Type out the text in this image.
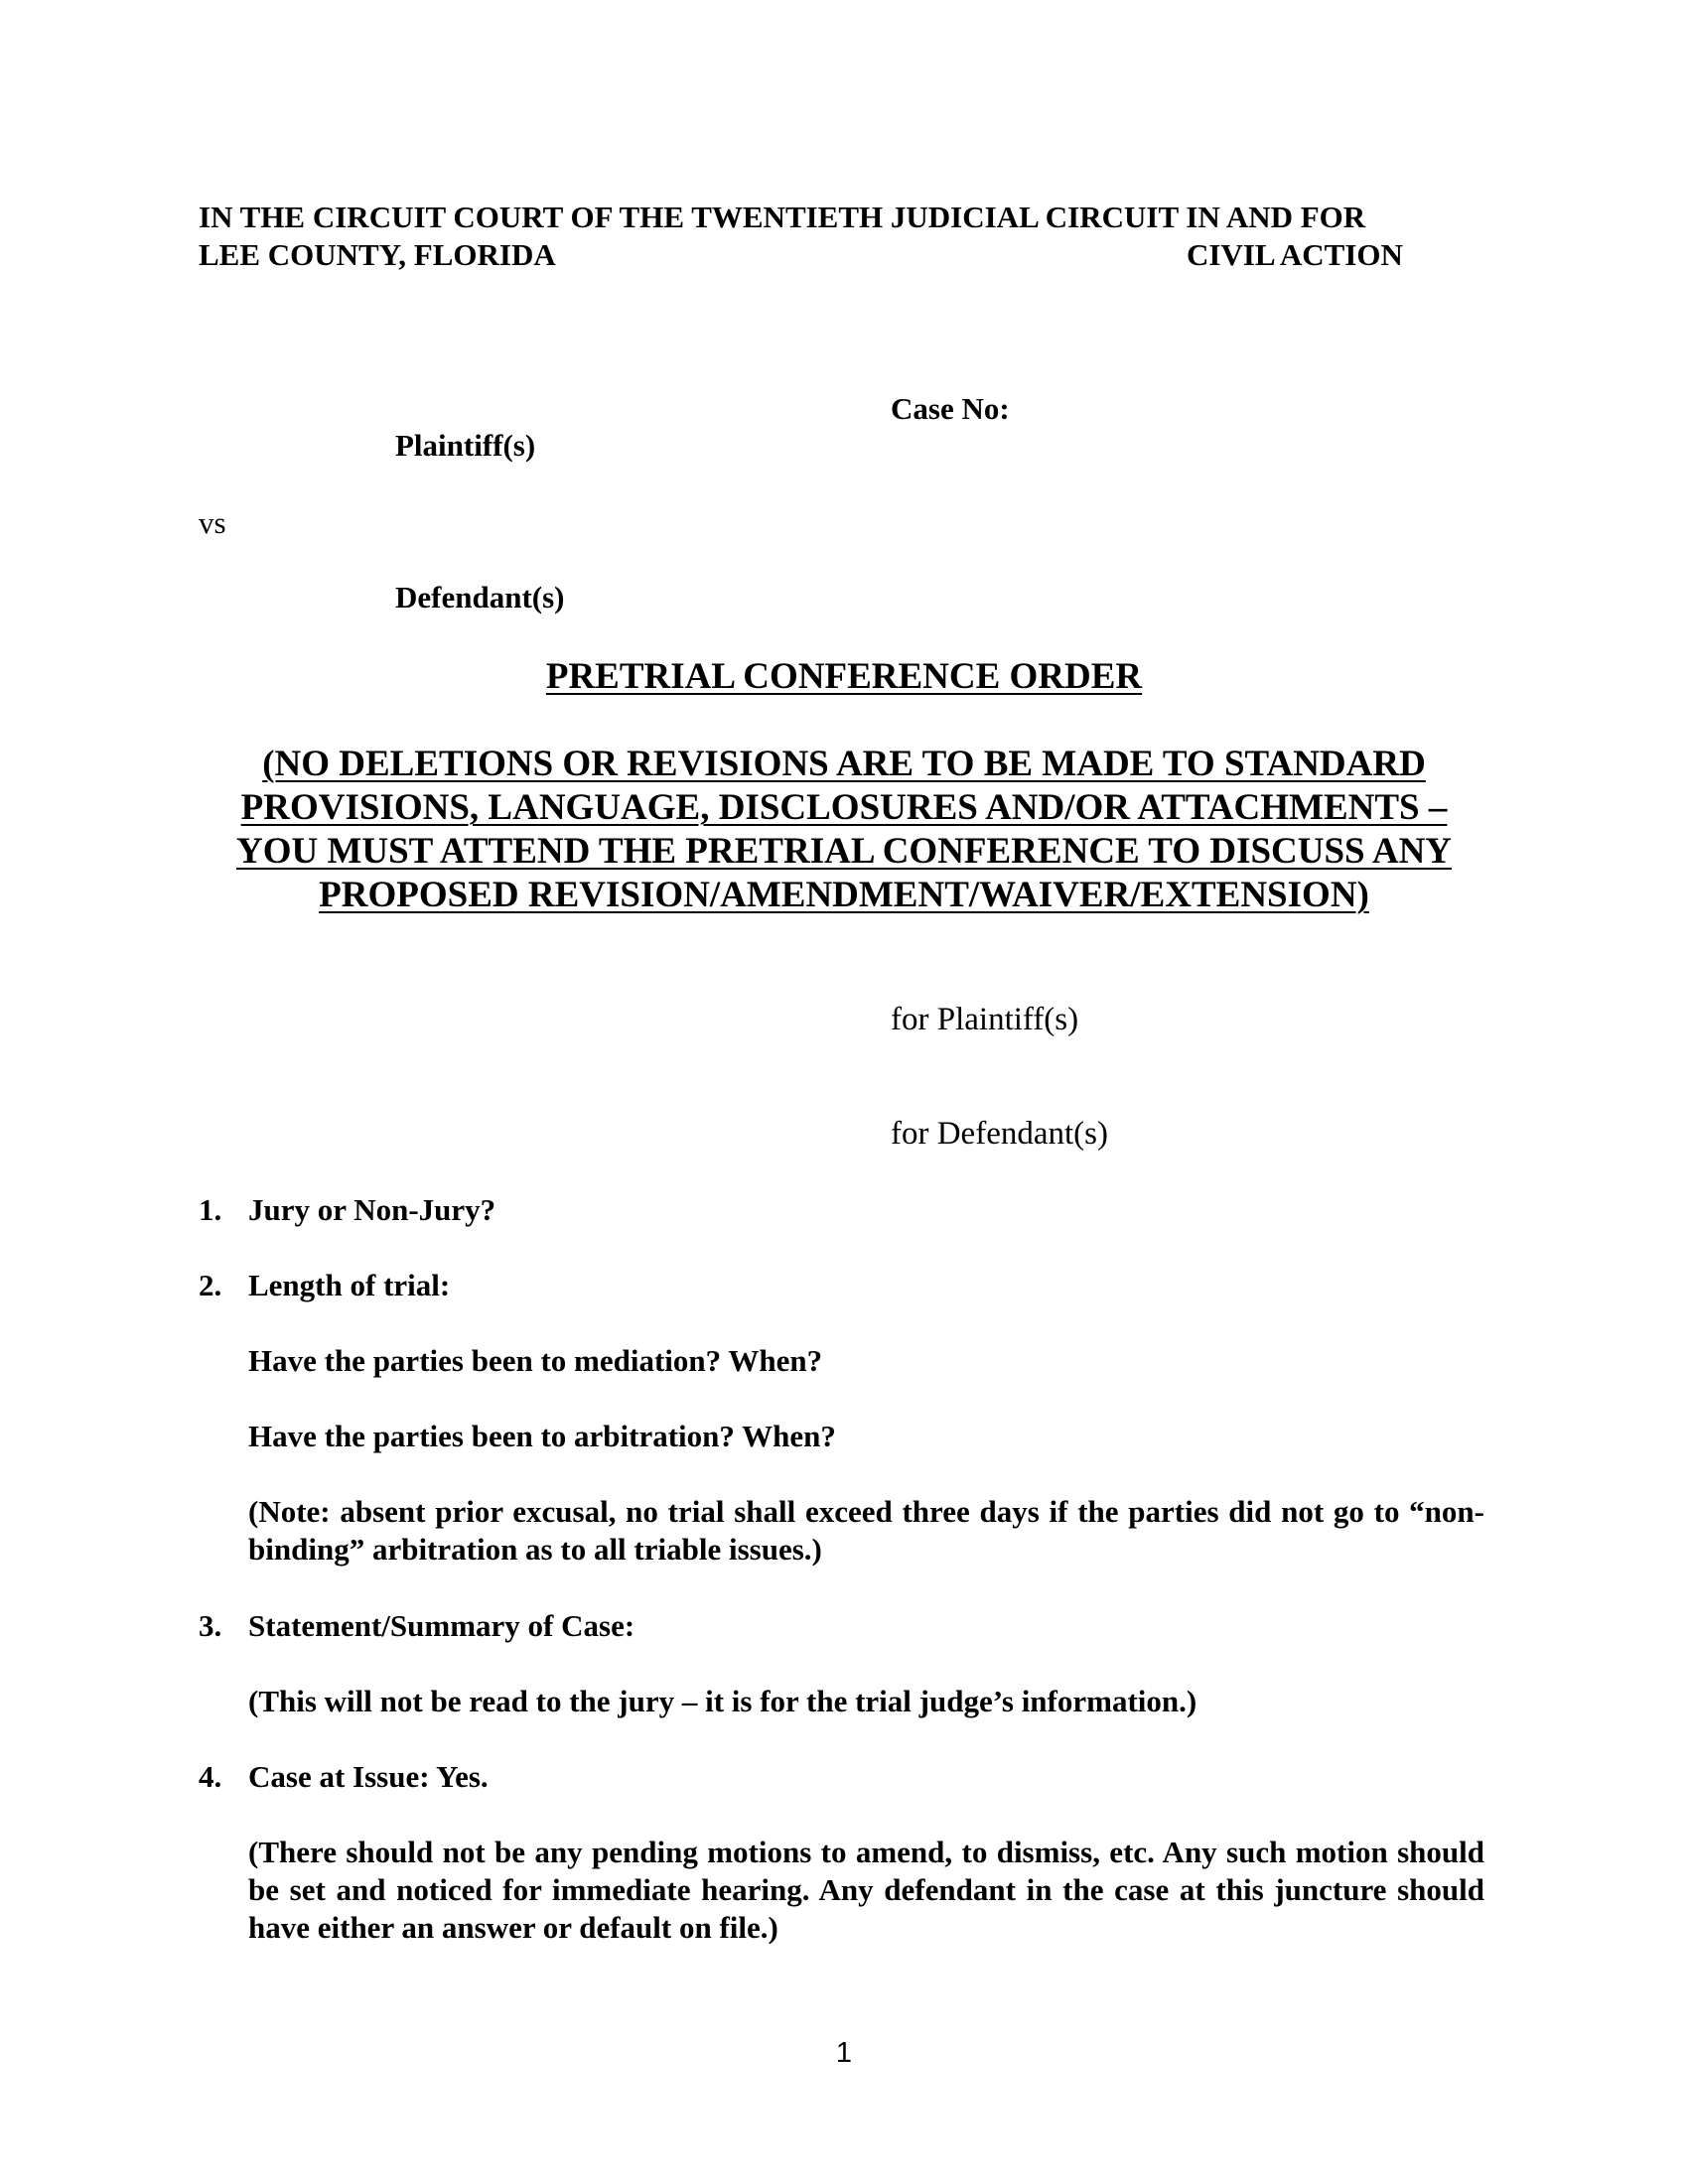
IN THE CIRCUIT COURT OF THE TWENTIETH JUDICIAL CIRCUIT IN AND FOR
LEE COUNTY, FLORIDA	CIVIL ACTION
Case No:
Plaintiff(s)
vs
Defendant(s)
PRETRIAL CONFERENCE ORDER
(NO DELETIONS OR REVISIONS ARE TO BE MADE TO STANDARD
PROVISIONS, LANGUAGE, DISCLOSURES AND/OR ATTACHMENTS –
YOU MUST ATTEND THE PRETRIAL CONFERENCE TO DISCUSS ANY
PROPOSED REVISION/AMENDMENT/WAIVER/EXTENSION)
for Plaintiff(s)
for Defendant(s)
1. Jury or Non-Jury?
2. Length of trial:
Have the parties been to mediation? When?
Have the parties been to arbitration? When?
(Note: absent prior excusal, no trial shall exceed three days if the parties did not go to “non-binding” arbitration as to all triable issues.)
3. Statement/Summary of Case:
(This will not be read to the jury – it is for the trial judge’s information.)
4. Case at Issue: Yes.
(There should not be any pending motions to amend, to dismiss, etc. Any such motion should be set and noticed for immediate hearing. Any defendant in the case at this juncture should have either an answer or default on file.)
1
